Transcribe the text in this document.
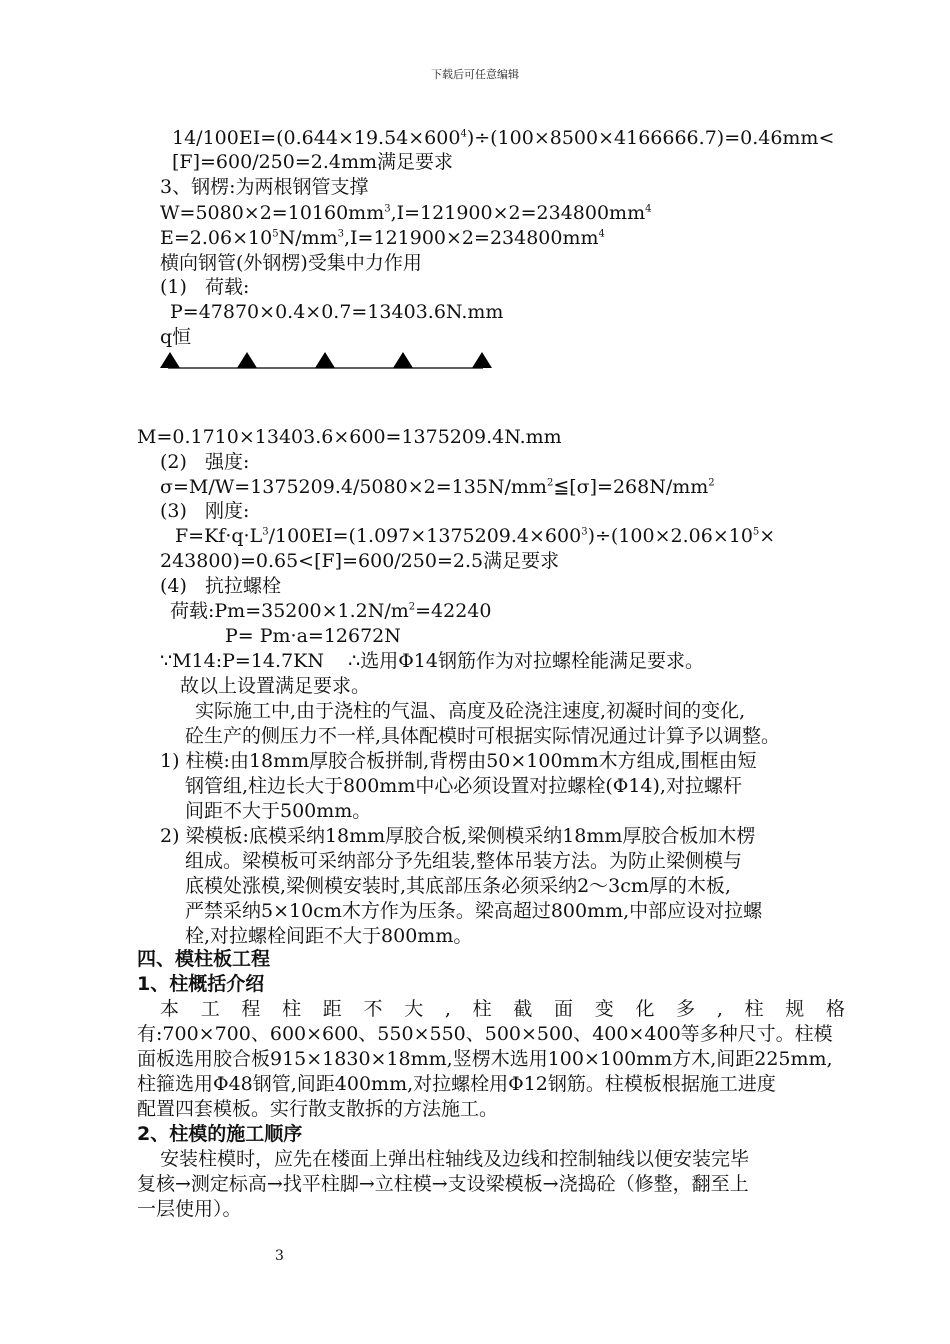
下载后可任意编辑
$14/100EI=(0.644\times 19.54\times 600^4)\div(100\times 8500\times 4166666.7)=0.46mm<$
[F]=600/250=2.4mm满足要求
3、钢楞:为两根钢管支撑
$W=5080\times 2=10160mm^3,I=121900\times 2=234800mm^4$
$E=2.06\times 10^5N/mm^3,I=121900\times 2=234800mm^4$
横向钢管(外钢楞)受集中力作用
(1)   荷载:
P=47870×0.4×0.7=13403.6N.mm
q恒
M=0.1710×13403.6×600=1375209.4N.mm
(2)   强度:
$\sigma=M/W=1375209.4/5080\times 2=135N/mm^2≦[\sigma]=268N/mm^2$
(3)   刚度:
$F=Kf\cdot q\cdot L^3/100EI=(1.097\times 1375209.4\times 600^3)\div(100\times 2.06\times 10^5\times$
243800)=0.65<[F]=600/250=2.5满足要求
(4)   抗拉螺栓
荷载$:Pm=35200\times 1.2N/m^2=42240$
P= Pm·a=12672N
∵M14:P=14.7KN    ∴选用Φ14钢筋作为对拉螺栓能满足要求。
故以上设置满足要求。
实际施工中,由于浇柱的气温、高度及砼浇注速度,初凝时间的变化,
砼生产的侧压力不一样,具体配模时可根据实际情况通过计算予以调整。
1) 柱模:由18mm厚胶合板拼制,背楞由50×100mm木方组成,围框由短
钢管组,柱边长大于800mm中心必须设置对拉螺栓(Φ14),对拉螺杆
间距不大于500mm。
2) 梁模板:底模采纳18mm厚胶合板,梁侧模采纳18mm厚胶合板加木楞
组成。梁模板可采纳部分予先组装,整体吊装方法。为防止梁侧模与
底模处涨模,梁侧模安装时,其底部压条必须采纳2～3cm厚的木板,
严禁采纳5×10cm木方作为压条。梁高超过800mm,中部应设对拉螺
栓,对拉螺栓间距不大于800mm。
四、模柱板工程
1、柱概括介绍
本工程柱距不大,柱截面变化多,柱规格
有:700×700、600×600、550×550、500×500、400×400等多种尺寸。柱模
面板选用胶合板915×1830×18mm,竖楞木选用100×100mm方木,间距225mm,
柱箍选用Φ48钢管,间距400mm,对拉螺栓用Φ12钢筋。柱模板根据施工进度
配置四套模板。实行散支散拆的方法施工。
2、柱模的施工顺序
安装柱模时，应先在楼面上弹出柱轴线及边线和控制轴线以便安装完毕
复核→测定标高→找平柱脚→立柱模→支设梁模板→浇捣砼（修整，翻至上
一层使用）。
3
